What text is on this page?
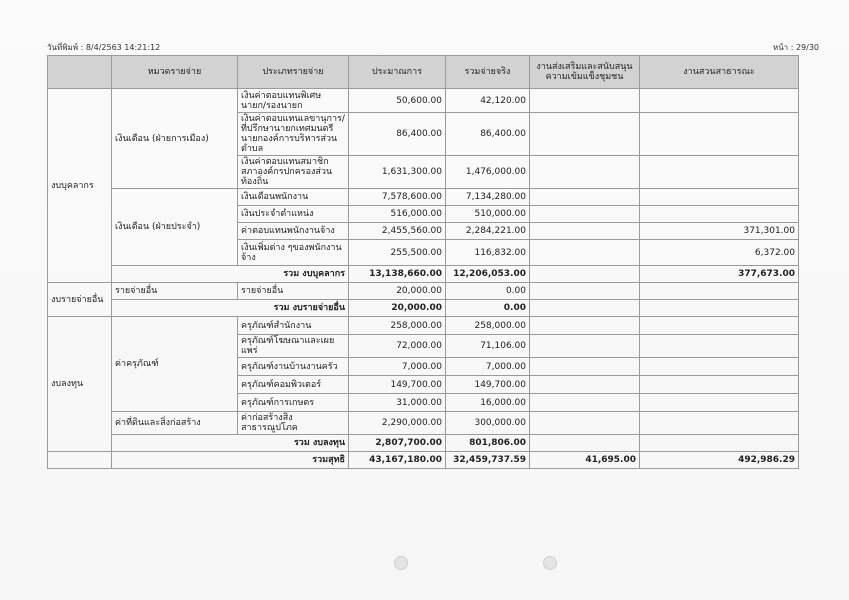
วันที่พิมพ์ : 8/4/2563 14:21:12	หน้า : 29/30
	หมวดรายจ่าย	ประเภทรายจ่าย	ประมาณการ	รวมจ่ายจริง	งานส่งเสริมและสนับสนุนความเข้มแข็งชุมชน	งานสวนสาธารณะ
งบบุคลากร	เงินเดือน (ฝ่ายการเมือง)	เงินค่าตอบแทนพิเศษนายก/รองนายก	50,600.00	42,120.00		
		เงินค่าตอบแทนเลขานุการ/ที่ปรึกษานายกเทศมนตรี นายกองค์การบริหารส่วนตำบล	86,400.00	86,400.00		
		เงินค่าตอบแทนสมาชิกสภาองค์กรปกครองส่วนท้องถิ่น	1,631,300.00	1,476,000.00		
	เงินเดือน (ฝ่ายประจำ)	เงินเดือนพนักงาน	7,578,600.00	7,134,280.00		
		เงินประจำตำแหน่ง	516,000.00	510,000.00		
		ค่าตอบแทนพนักงานจ้าง	2,455,560.00	2,284,221.00		371,301.00
		เงินเพิ่มต่าง ๆของพนักงานจ้าง	255,500.00	116,832.00		6,372.00
	รวม งบบุคลากร		13,138,660.00	12,206,053.00		377,673.00
งบรายจ่ายอื่น	รายจ่ายอื่น	รายจ่ายอื่น	20,000.00	0.00		
	รวม งบรายจ่ายอื่น		20,000.00	0.00		
งบลงทุน	ค่าครุภัณฑ์	ครุภัณฑ์สำนักงาน	258,000.00	258,000.00		
		ครุภัณฑ์โฆษณาและเผยแพร่	72,000.00	71,106.00		
		ครุภัณฑ์งานบ้านงานครัว	7,000.00	7,000.00		
		ครุภัณฑ์คอมพิวเตอร์	149,700.00	149,700.00		
		ครุภัณฑ์การเกษตร	31,000.00	16,000.00		
	ค่าที่ดินและสิ่งก่อสร้าง	ค่าก่อสร้างสิ่งสาธารณูปโภค	2,290,000.00	300,000.00		
	รวม งบลงทุน		2,807,700.00	801,806.00		
	รวมสุทธิ		43,167,180.00	32,459,737.59	41,695.00	492,986.29
